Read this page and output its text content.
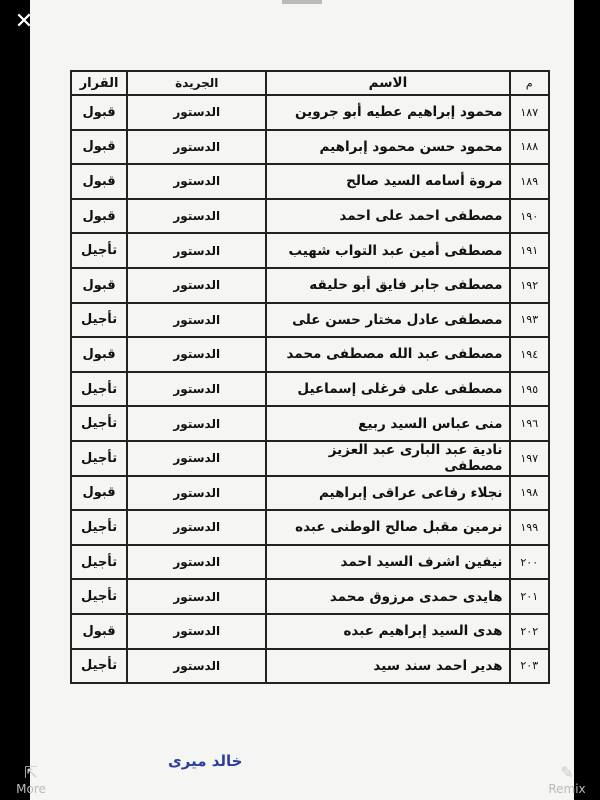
✕
م	الاسم	الجريدة	القرار
١٨٧	محمود إبراهيم عطيه أبو جروين	الدستور	قبول
١٨٨	محمود حسن محمود إبراهيم	الدستور	قبول
١٨٩	مروة أسامه السيد صالح	الدستور	قبول
١٩٠	مصطفى احمد على احمد	الدستور	قبول
١٩١	مصطفى أمين عبد التواب شهيب	الدستور	تأجيل
١٩٢	مصطفى جابر فايق أبو حليقه	الدستور	قبول
١٩٣	مصطفى عادل مختار حسن على	الدستور	تأجيل
١٩٤	مصطفى عبد الله مصطفى محمد	الدستور	قبول
١٩٥	مصطفى على فرغلى إسماعيل	الدستور	تأجيل
١٩٦	منى عباس السيد ربيع	الدستور	تأجيل
١٩٧	نادية عبد البارى عبد العزيز مصطفى	الدستور	تأجيل
١٩٨	نجلاء رفاعى عراقى إبراهيم	الدستور	قبول
١٩٩	نرمين مقبل صالح الوطنى عبده	الدستور	تأجيل
٢٠٠	نيفين اشرف السيد احمد	الدستور	تأجيل
٢٠١	هايدى حمدى مرزوق محمد	الدستور	تأجيل
٢٠٢	هدى السيد إبراهيم عبده	الدستور	قبول
٢٠٣	هدير احمد سند سيد	الدستور	تأجيل
خالد ميرى
⇱
More
✎
Remix
